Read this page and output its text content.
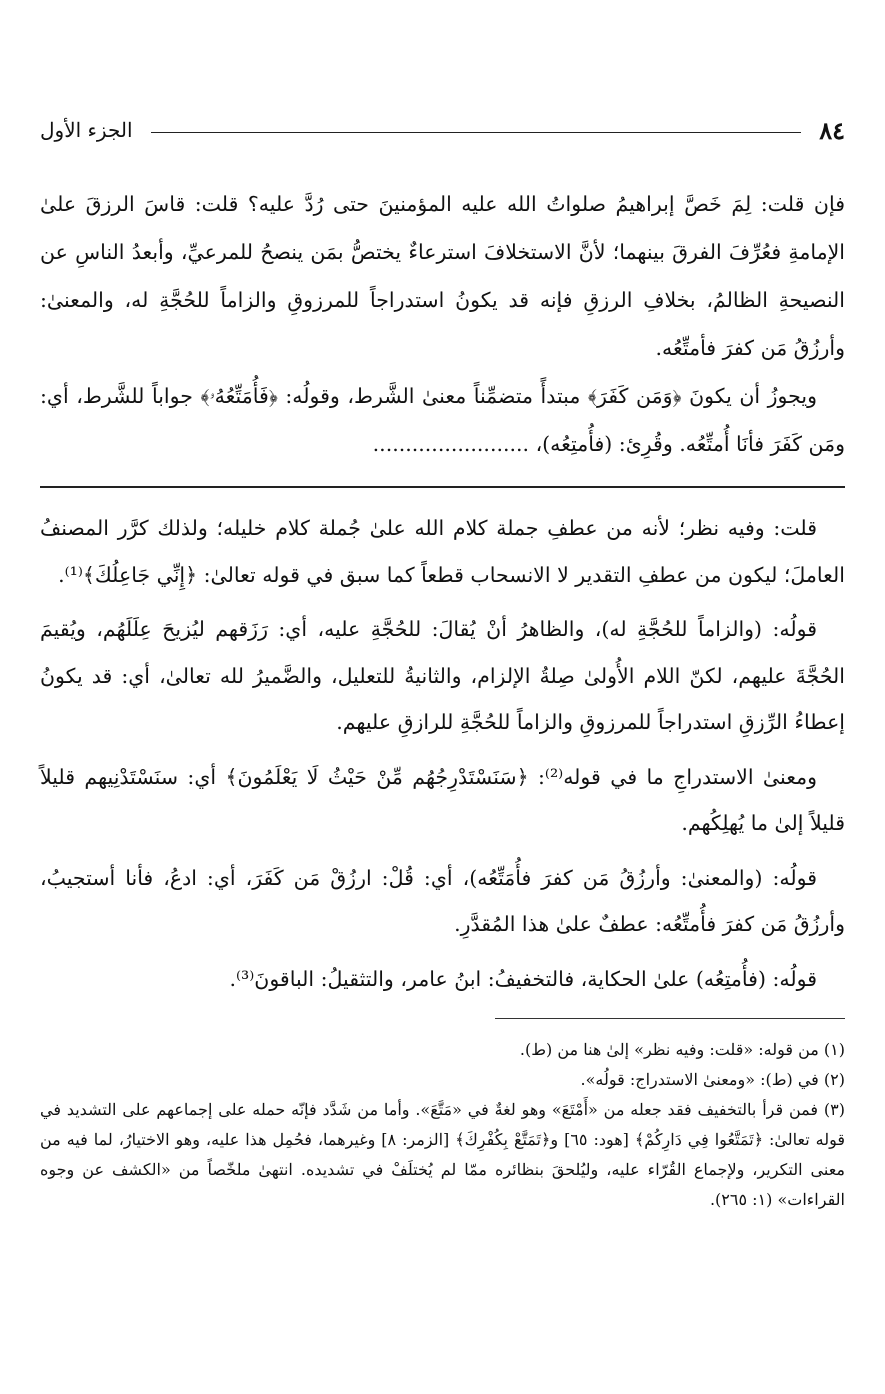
٨٤
الجزء الأول

فإن قلت: لِمَ خَصَّ إبراهيمُ صلواتُ الله عليه المؤمنينَ حتى رُدَّ عليه؟ قلت: قاسَ الرزقَ علىٰ الإمامةِ فعُرِّفَ الفرقَ بينهما؛ لأنَّ الاستخلافَ استرعاءٌ يختصُّ بمَن ينصحُ للمرعيِّ، وأبعدُ الناسِ عن النصيحةِ الظالمُ، بخلافِ الرزقِ فإنه قد يكونُ استدراجاً للمرزوقِ والزاماً للحُجَّةِ له، والمعنىٰ: وأرزُقُ مَن كفرَ فأمتِّعُه.

ويجوزُ أن يكونَ ﴿وَمَن كَفَرَ﴾ مبتدأً متضمِّناً معنىٰ الشَّرط، وقولُه: ﴿فَأُمَتِّعُهُۥ﴾ جواباً للشَّرط، أي: ومَن كَفَرَ فأنَا أُمتِّعُه. وقُرِئ: (فأُمتِعُه)، ........................

قلت: وفيه نظر؛ لأنه من عطفِ جملة كلام الله علىٰ جُملة كلام خليله؛ ولذلك كرَّر المصنفُ العاملَ؛ ليكون من عطفِ التقدير لا الانسحاب قطعاً كما سبق في قوله تعالىٰ: ﴿إِنِّي جَاعِلُكَ﴾⁽¹⁾.

قولُه: (والزاماً للحُجَّةِ له)، والظاهرُ أنْ يُقالَ: للحُجَّةِ عليه، أي: رَزَقهم ليُزيحَ عِلَلَهُم، ويُقيمَ الحُجَّةَ عليهم، لكنّ اللام الأُولىٰ صِلةُ الإلزام، والثانيةُ للتعليل، والضَّميرُ لله تعالىٰ، أي: قد يكونُ إعطاءُ الرِّزقِ استدراجاً للمرزوقِ والزاماً للحُجَّةِ للرازقِ عليهم.

ومعنىٰ الاستدراجِ ما في قوله⁽²⁾: ﴿سَنَسْتَدْرِجُهُم مِّنْ حَيْثُ لَا يَعْلَمُونَ﴾ أي: سنَسْتَدْنِيهم قليلاً قليلاً إلىٰ ما يُهلِكُهم.

قولُه: (والمعنىٰ: وأرزُقُ مَن كفرَ فأُمَتِّعُه)، أي: قُلْ: ارزُقْ مَن كَفَرَ، أي: ادعُ، فأنا أستجيبُ، وأرزُقُ مَن كفرَ فأُمتِّعُه: عطفٌ علىٰ هذا المُقدَّرِ.

قولُه: (فأُمتِعُه) علىٰ الحكاية، فالتخفيفُ: ابنُ عامر، والتثقيلُ: الباقونَ⁽³⁾.

(١) من قوله: «قلت: وفيه نظر» إلىٰ هنا من (ط).

(٢) في (ط): «ومعنىٰ الاستدراج: قولُه».

(٣) فمن قرأ بالتخفيف فقد جعله من «أَمْتَعَ» وهو لغةٌ في «مَتَّعَ». وأما من شَدَّد فإنّه حمله على إجماعهم على التشديد في قوله تعالىٰ: ﴿تَمَتَّعُوا فِي دَارِكُمْ﴾ [هود: ٦٥] و﴿تَمَتَّعْ بِكُفْرِكَ﴾ [الزمر: ٨] وغيرهما، فحُمِل هذا عليه، وهو الاختيارُ، لما فيه من معنى التكرير، ولإجماع القُرّاء عليه، وليُلحقَ بنظائره ممّا لم يُختلَفْ في تشديده. انتهىٰ ملخّصاً من «الكشف عن وجوه القراءات» (١: ٢٦٥).
